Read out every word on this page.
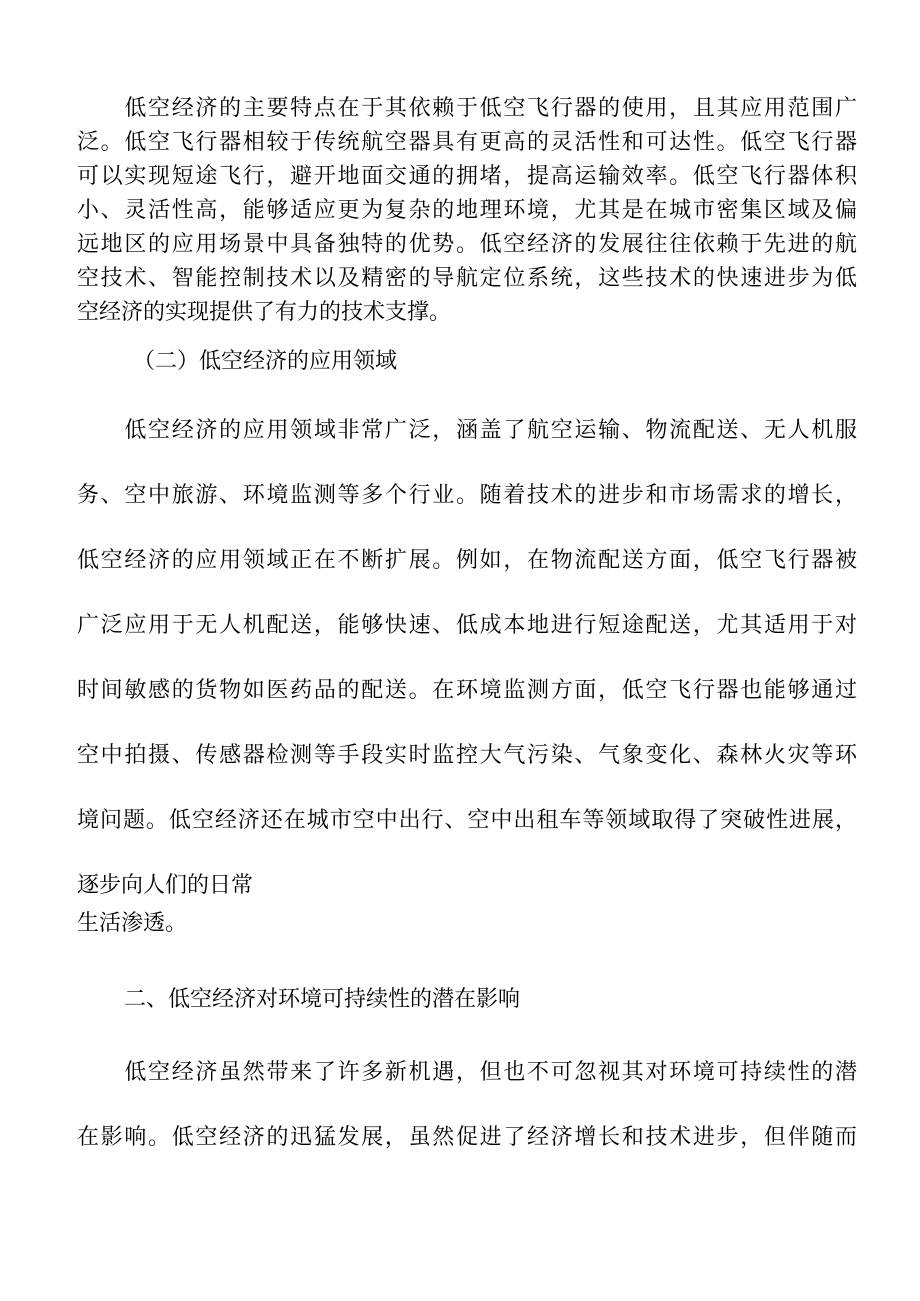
　　低空经济的主要特点在于其依赖于低空飞行器的使用，且其应用范围广
泛。低空飞行器相较于传统航空器具有更高的灵活性和可达性。低空飞行器
可以实现短途飞行，避开地面交通的拥堵，提高运输效率。低空飞行器体积
小、灵活性高，能够适应更为复杂的地理环境，尤其是在城市密集区域及偏
远地区的应用场景中具备独特的优势。低空经济的发展往往依赖于先进的航
空技术、智能控制技术以及精密的导航定位系统，这些技术的快速进步为低
空经济的实现提供了有力的技术支撑。
（二）低空经济的应用领域
　　低空经济的应用领域非常广泛，涵盖了航空运输、物流配送、无人机服
务、空中旅游、环境监测等多个行业。随着技术的进步和市场需求的增长，
低空经济的应用领域正在不断扩展。例如，在物流配送方面，低空飞行器被
广泛应用于无人机配送，能够快速、低成本地进行短途配送，尤其适用于对
时间敏感的货物如医药品的配送。在环境监测方面，低空飞行器也能够通过
空中拍摄、传感器检测等手段实时监控大气污染、气象变化、森林火灾等环
境问题。低空经济还在城市空中出行、空中出租车等领域取得了突破性进展，
逐步向人们的日常
生活渗透。
二、低空经济对环境可持续性的潜在影响
　　低空经济虽然带来了许多新机遇，但也不可忽视其对环境可持续性的潜
在影响。低空经济的迅猛发展，虽然促进了经济增长和技术进步，但伴随而
